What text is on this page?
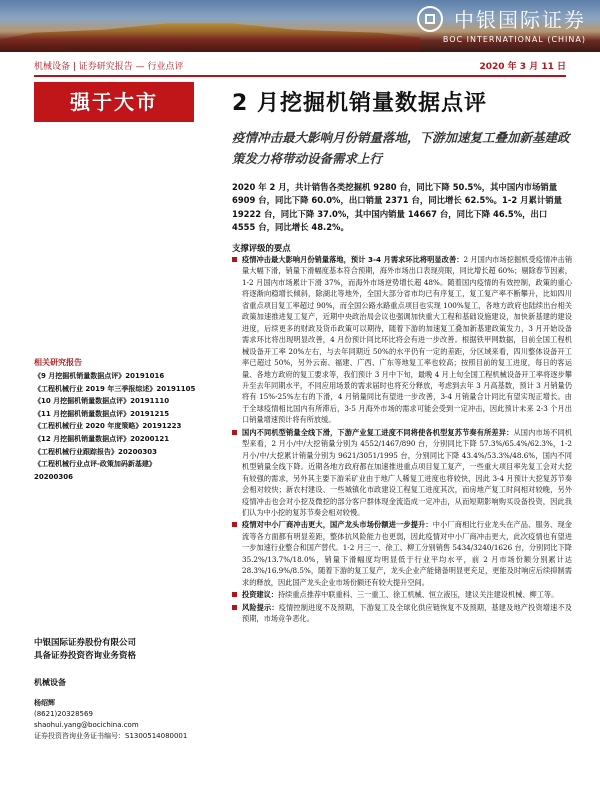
中银国际证券
BOC INTERNATIONAL (CHINA)
机械设备 | 证券研究报告 — 行业点评	2020 年 3 月 11 日
强于大市	2 月挖掘机销量数据点评
疫情冲击最大影响月份销量落地，下游加速复工叠加新基建政策发力将带动设备需求上行
2020 年 2 月，共计销售各类挖掘机 9280 台，同比下降 50.5%，其中国内市场销量 6909 台，同比下降 60.0%，出口销量 2371 台，同比增长 62.5%。1-2 月累计销量 19222 台，同比下降 37.0%，其中国内销量 14667 台，同比下降 46.5%，出口 4555 台，同比增长 48.2%。
支撑评级的要点
疫情冲击最大影响月份销量落地，预计 3-4 月需求环比将明显改善：2 月国内市场挖掘机受疫情冲击销量大幅下滑，销量下滑幅度基本符合预期，海外市场出口表现亮眼，同比增长超 60%；剔除春节因素，1-2 月国内市场累计下滑 37%，而海外市场逆势增长超 48%。随着国内疫情的有效控制，政策的重心将逐渐向稳增长倾斜，除湖北等地外，全国大部分省市均已有序复工，复工复产率不断攀升，比如四川省重点项目复工率超过 90%，而全国公路水路重点项目也实现 100%复工，各地方政府也陆续出台相关政策加速推进复工复产，近期中央政治局会议也强调加快重大工程和基础设施建设，加快新基建的建设进度，后续更多的财政及货币政策可以期待，随着下游的加速复工叠加新基建政策发力，3 月开始设备需求环比将出现明显改善，4 月份预计同比环比将会有进一步改善。根据铁甲网数据，目前全国工程机械设备开工率 20%左右，与去年同期近 50%的水平仍有一定的差距，分区域来看，四川整体设备开工率已超过 50%，另外云南、福建、广西、广东等地复工率也较高；按照目前的复工进度，每日的客运量、各地方政府的复工要求等，我们预计 3 月中下旬，最晚 4 月上旬全国工程机械设备开工率将逐步攀升至去年同期水平，不同应用场景的需求届时也将充分释放，考虑到去年 3 月高基数，预计 3 月销量仍将有 15%-25%左右的下滑，4 月销量同比有望进一步改善，3-4 月销量合计同比有望实现正增长。由于全球疫情相比国内有所滞后，3-5 月海外市场的需求可能会受到一定冲击，因此预计未来 2-3 个月出口销量增速预计将有所放缓。
国内不同机型销量全线下滑，下游产业复工进度不同将使各机型复苏节奏有所差异：从国内市场不同机型来看，2 月小/中/大挖销量分别为 4552/1467/890 台，分别同比下降 57.3%/65.4%/62.3%，1-2 月小/中/大挖累计销量分别为 9621/3051/1995 台，分别同比下降 43.4%/53.3%/48.6%，国内不同机型销量全线下降。近期各地方政府都在加速推进重点项目复工复产，一些重大项目率先复工会对大挖有较强的需求，另外其主要下游采矿业由于地广人稀复工进度也将较快，因此 3-4 月预计大挖复苏节奏会相对较快；新农村建设、一些城镇化市政建设工程复工进度其次，而房地产复工时间相对较晚，另外疫情冲击也会对小挖及微挖的部分客户群体现金流造成一定冲击，从而短期影响购买设备投资，因此我们认为中小挖的复苏节奏会相对较慢。
疫情对中小厂商冲击更大，国产龙头市场份额进一步提升：中小厂商相比行业龙头在产品、服务、现金流等各方面都有明显差距，整体抗风险能力也更弱，因此疫情对中小厂商冲击更大，此次疫情也有望进一步加速行业整合和国产替代。1-2 月三一、徐工、柳工分别销售 5434/3240/1626 台，分别同比下降 35.2%/13.7%/18.0%，销量下滑幅度均明显低于行业平均水平，前 2 月市场份额分别累计达 28.3%/16.9%/8.5%，随着下游的复工复产，龙头企业产能储备明显更充足，更能及时响应后续抑制需求的释放，因此国产龙头企业市场份额还有较大提升空间。
投资建议：持续重点推荐中联重科、三一重工、徐工机械、恒立液压，建议关注建设机械、柳工等。
风险提示：疫情控制进度不及预期，下游复工及全球化供应链恢复不及预期，基建及地产投资增速不及预期，市场竞争恶化。
相关研究报告
《9 月挖掘机销量数据点评》20191016
《工程机械行业 2019 年三季报综述》20191105
《10 月挖掘机销量数据点评》20191110
《11 月挖掘机销量数据点评》20191215
《工程机械行业 2020 年度策略》20191223
《12 月挖掘机销量数据点评》20200121
《工程机械行业跟踪报告》20200303
《工程机械行业点评-政策加码新基建》
20200306
中银国际证券股份有限公司
具备证券投资咨询业务资格
机械设备
杨绍辉
(8621)20328569
shaohui.yang@bocichina.com
证券投资咨询业务证书编号：S1300514080001
